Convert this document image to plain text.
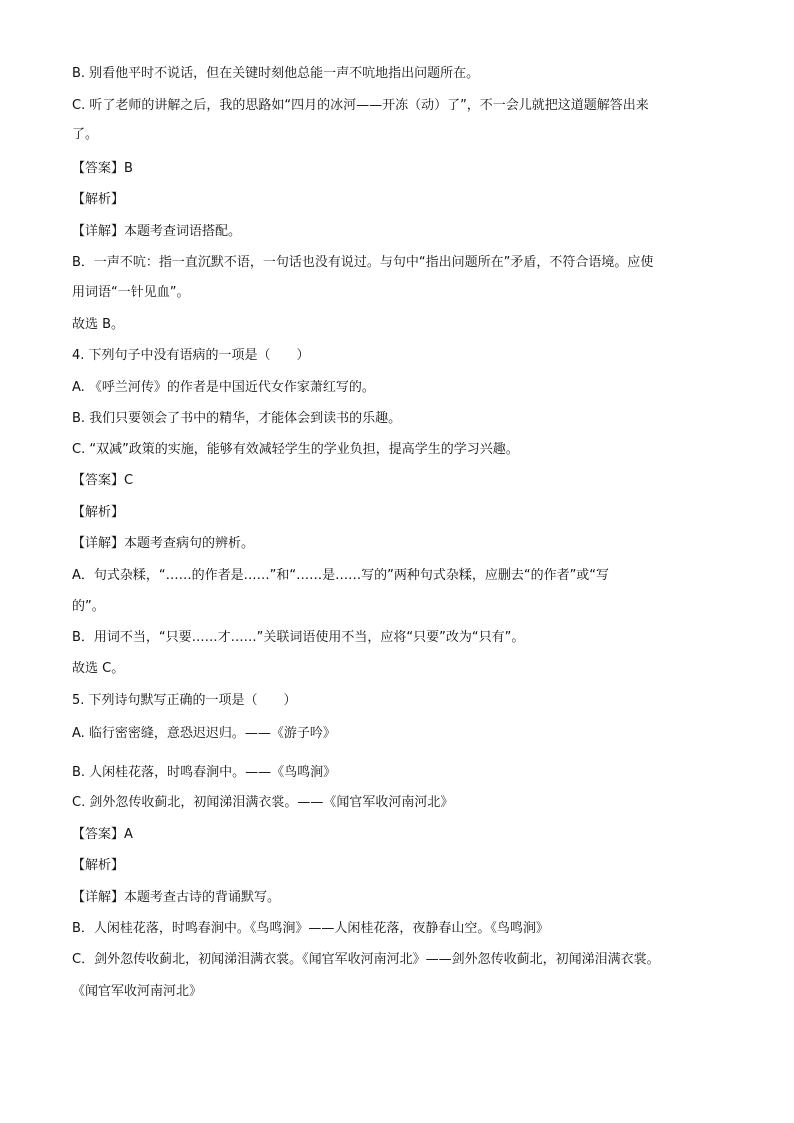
B. 别看他平时不说话，但在关键时刻他总能一声不吭地指出问题所在。
C. 听了老师的讲解之后，我的思路如“四月的冰河——开冻（动）了”，不一会儿就把这道题解答出来
了。
【答案】B
【解析】
【详解】本题考查词语搭配。
B．一声不吭：指一直沉默不语，一句话也没有说过。与句中“指出问题所在”矛盾，不符合语境。应使
用词语“一针见血”。
故选 B。
4. 下列句子中没有语病的一项是（　　）
A. 《呼兰河传》的作者是中国近代女作家萧红写的。
B. 我们只要领会了书中的精华，才能体会到读书的乐趣。
C. “双减”政策的实施，能够有效减轻学生的学业负担，提高学生的学习兴趣。
【答案】C
【解析】
【详解】本题考查病句的辨析。
A．句式杂糅，“……的作者是……”和“……是……写的”两种句式杂糅，应删去“的作者”或“写
的”。
B．用词不当，“只要……才……”关联词语使用不当，应将“只要”改为“只有”。
故选 C。
5. 下列诗句默写正确的一项是（　　）
A. 临行密密缝，意恐迟迟归。——《游子吟》
B. 人闲桂花落，时鸣春涧中。——《鸟鸣涧》
C. 剑外忽传收蓟北，初闻涕泪满衣裳。——《闻官军收河南河北》
【答案】A
【解析】
【详解】本题考查古诗的背诵默写。
B．人闲桂花落，时鸣春涧中。《鸟鸣涧》——人闲桂花落，夜静春山空。《鸟鸣涧》
C．剑外忽传收蓟北，初闻涕泪满衣裳。《闻官军收河南河北》——剑外忽传收蓟北，初闻涕泪满衣裳。
《闻官军收河南河北》
